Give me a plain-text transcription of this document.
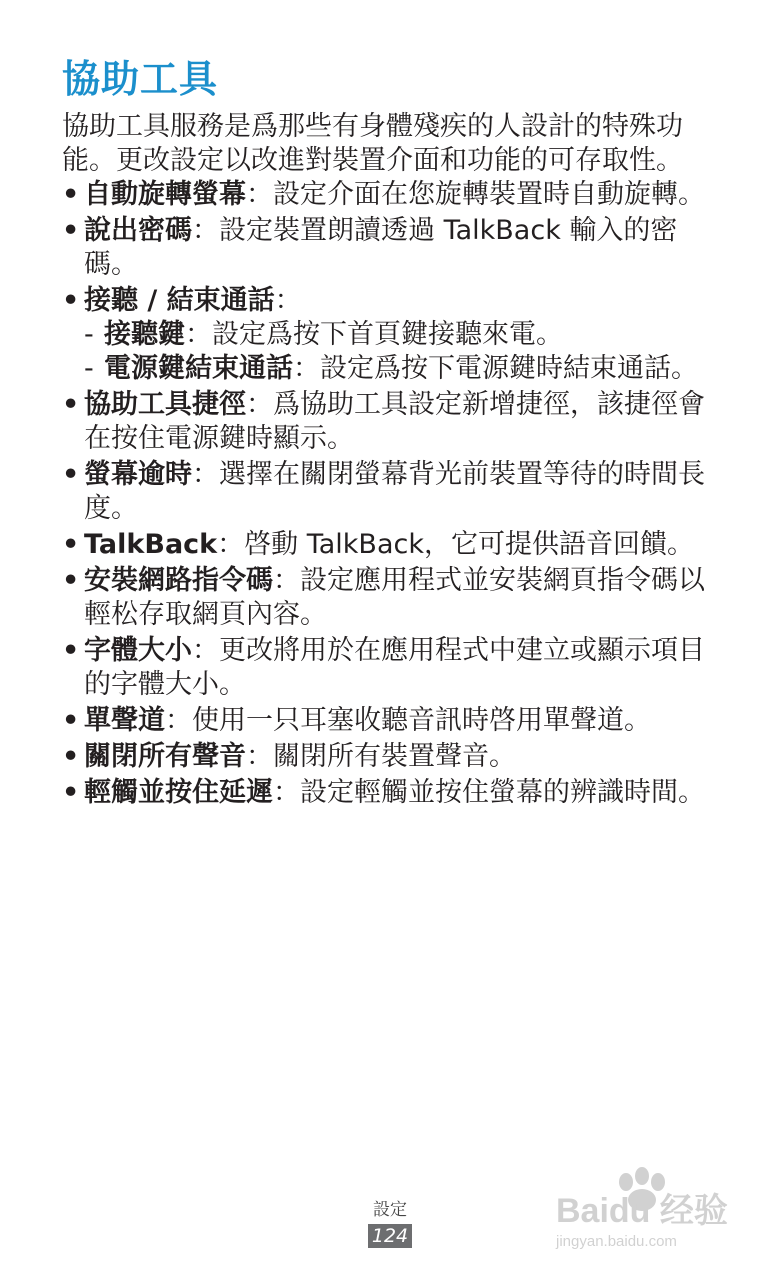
協助工具

協助工具服務是爲那些有身體殘疾的人設計的特殊功能。更改設定以改進對裝置介面和功能的可存取性。

• 自動旋轉螢幕：設定介面在您旋轉裝置時自動旋轉。
• 說出密碼：設定裝置朗讀透過 TalkBack 輸入的密碼。
• 接聽 / 結束通話：
- 接聽鍵：設定爲按下首頁鍵接聽來電。
- 電源鍵結束通話：設定爲按下電源鍵時結束通話。
• 協助工具捷徑：爲協助工具設定新增捷徑，該捷徑會在按住電源鍵時顯示。
• 螢幕逾時：選擇在關閉螢幕背光前裝置等待的時間長度。
• TalkBack：啓動 TalkBack，它可提供語音回饋。
• 安裝網路指令碼：設定應用程式並安裝網頁指令碼以輕松存取網頁內容。
• 字體大小：更改將用於在應用程式中建立或顯示項目的字體大小。
• 單聲道：使用一只耳塞收聽音訊時啓用單聲道。
• 關閉所有聲音：關閉所有裝置聲音。
• 輕觸並按住延遲：設定輕觸並按住螢幕的辨識時間。
設定
124
Baidu 经验
jingyan.baidu.com
